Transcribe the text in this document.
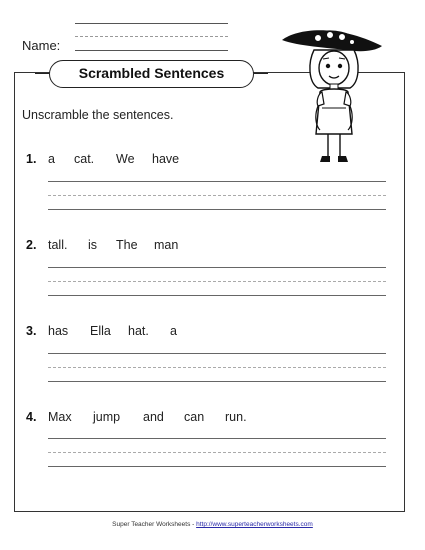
Name:
Scrambled Sentences
Unscramble the sentences.
1. a cat. We have
2. tall. is The man
3. has Ella hat. a
4. Max jump and can run.
Super Teacher Worksheets - http://www.superteacherworksheets.com
